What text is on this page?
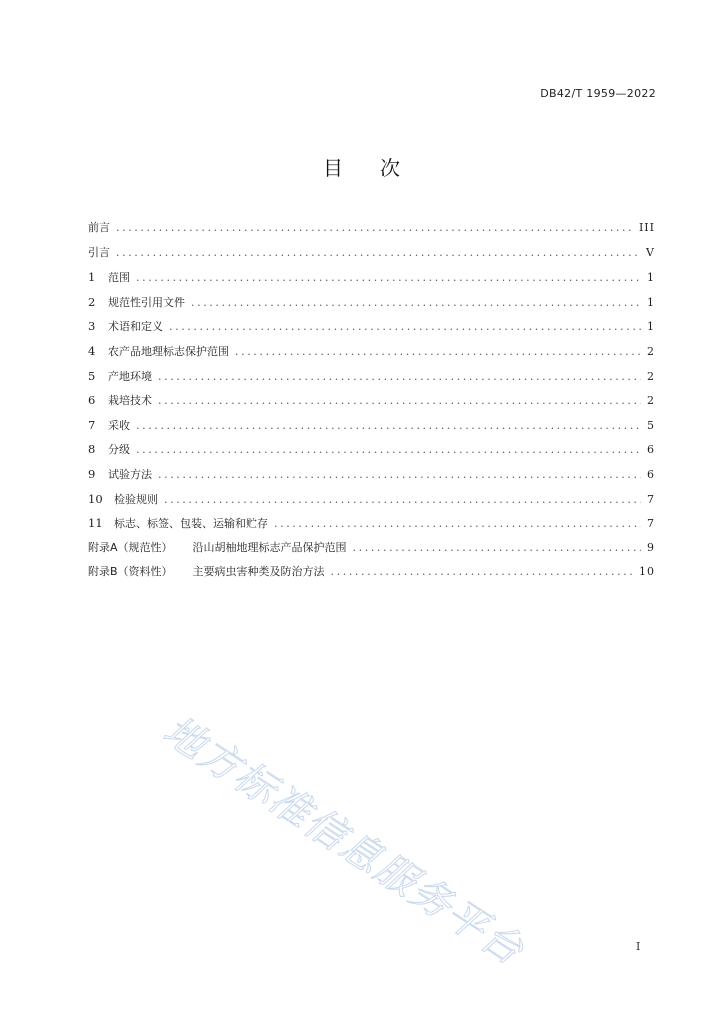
DB42/T 1959—2022
目 次
前言 .....	III
引言 .....	V
1	范围 .....	1
2	规范性引用文件 .....	1
3	术语和定义 .....	1
4	农产品地理标志保护范围 .....	2
5	产地环境 .....	2
6	栽培技术 .....	2
7	采收 .....	5
8	分级 .....	6
9	试验方法 .....	6
10	检验规则 .....	7
11	标志、标签、包装、运输和贮存 .....	7
附录A（规范性） 沿山胡柚地理标志产品保护范围 .....	9
附录B（资料性） 主要病虫害种类及防治方法 .....	10
地方标准信息服务平台	I
